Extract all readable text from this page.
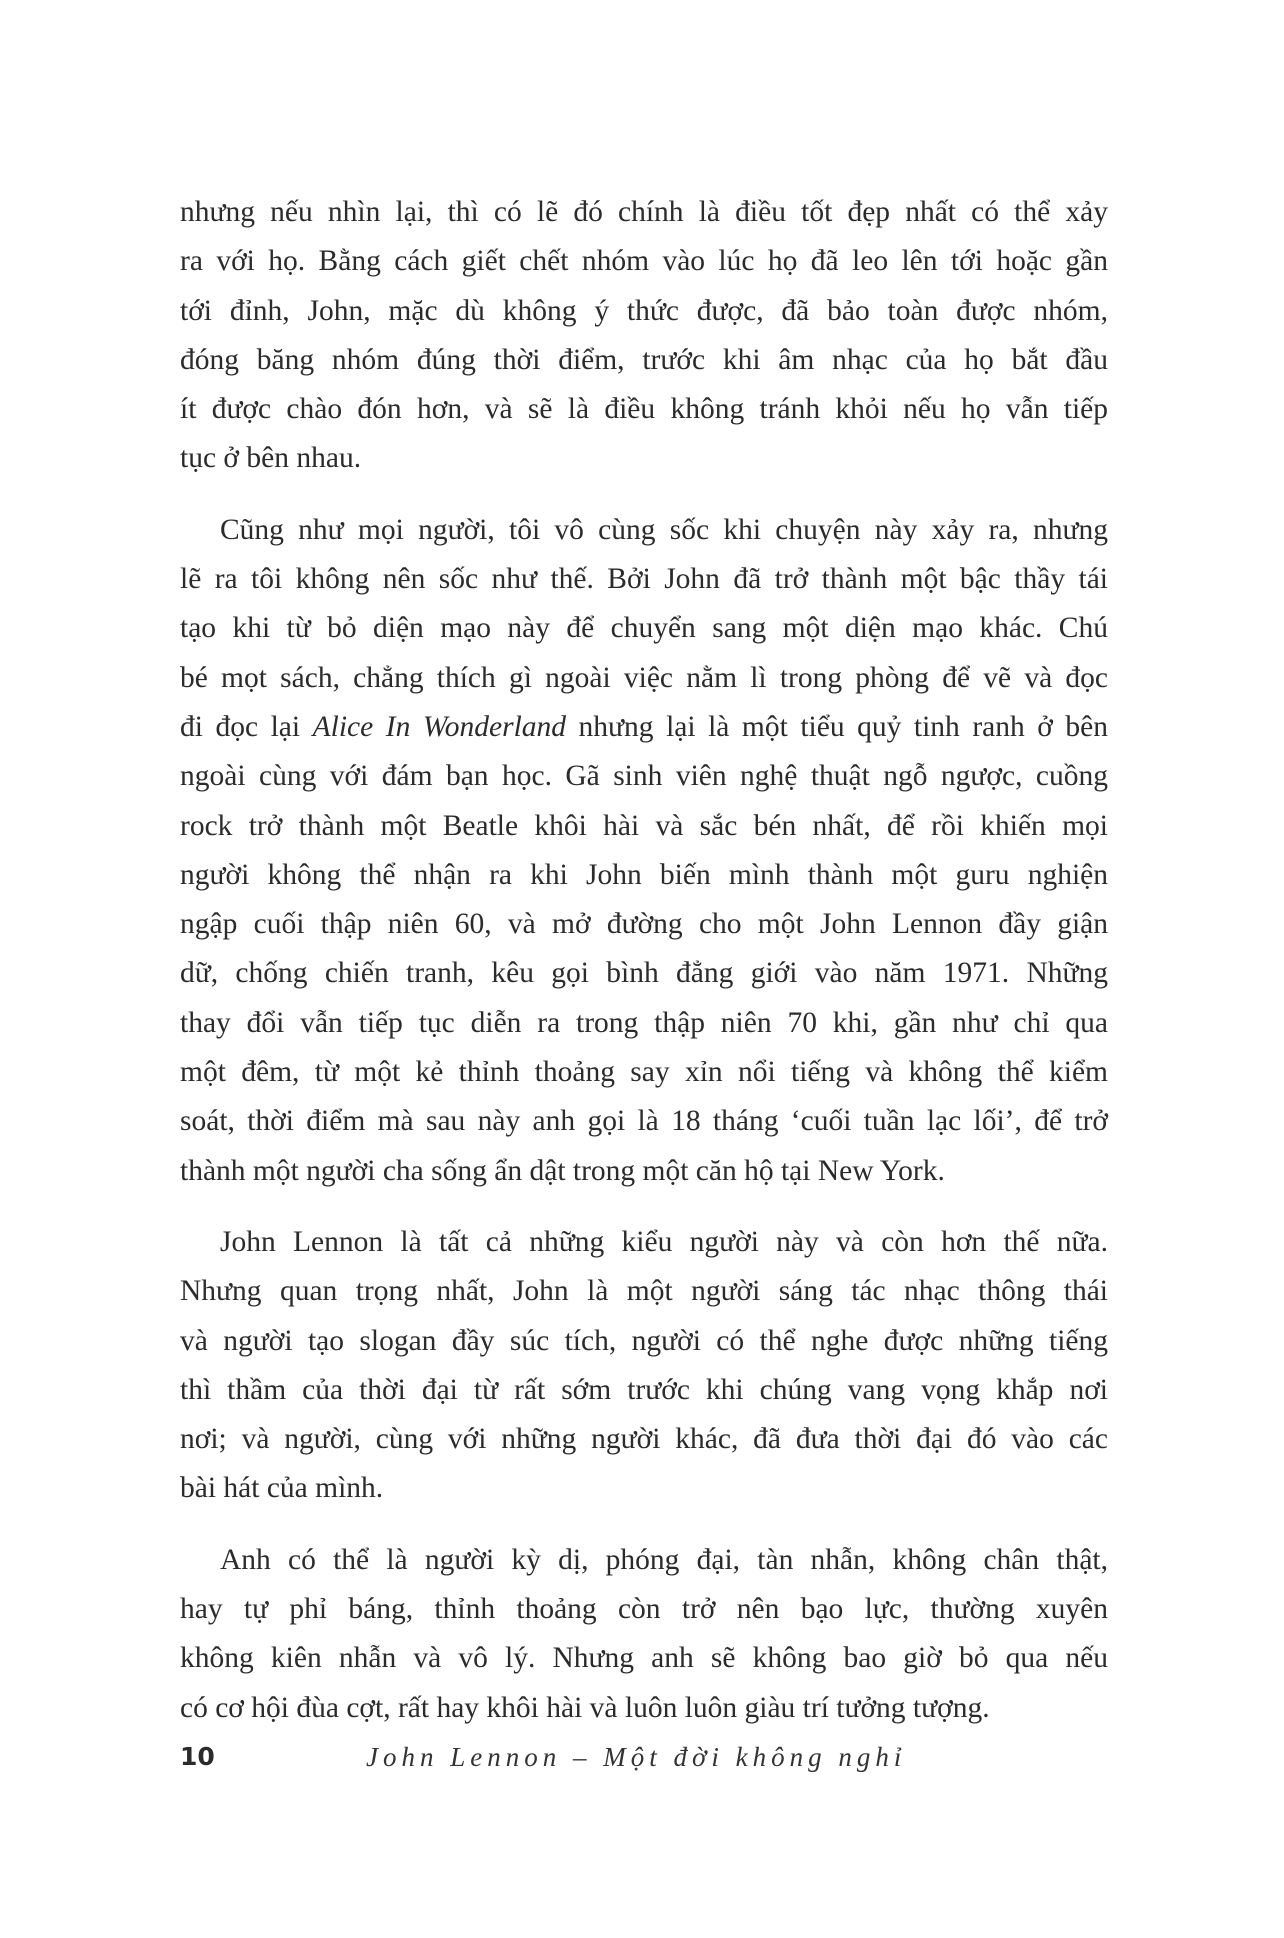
nhưng nếu nhìn lại, thì có lẽ đó chính là điều tốt đẹp nhất có thể xảy
ra với họ. Bằng cách giết chết nhóm vào lúc họ đã leo lên tới hoặc gần
tới đỉnh, John, mặc dù không ý thức được, đã bảo toàn được nhóm,
đóng băng nhóm đúng thời điểm, trước khi âm nhạc của họ bắt đầu
ít được chào đón hơn, và sẽ là điều không tránh khỏi nếu họ vẫn tiếp
tục ở bên nhau.

Cũng như mọi người, tôi vô cùng sốc khi chuyện này xảy ra, nhưng
lẽ ra tôi không nên sốc như thế. Bởi John đã trở thành một bậc thầy tái
tạo khi từ bỏ diện mạo này để chuyển sang một diện mạo khác. Chú
bé mọt sách, chẳng thích gì ngoài việc nằm lì trong phòng để vẽ và đọc
đi đọc lại Alice In Wonderland nhưng lại là một tiểu quỷ tinh ranh ở bên
ngoài cùng với đám bạn học. Gã sinh viên nghệ thuật ngỗ ngược, cuồng
rock trở thành một Beatle khôi hài và sắc bén nhất, để rồi khiến mọi
người không thể nhận ra khi John biến mình thành một guru nghiện
ngập cuối thập niên 60, và mở đường cho một John Lennon đầy giận
dữ, chống chiến tranh, kêu gọi bình đẳng giới vào năm 1971. Những
thay đổi vẫn tiếp tục diễn ra trong thập niên 70 khi, gần như chỉ qua
một đêm, từ một kẻ thỉnh thoảng say xỉn nổi tiếng và không thể kiểm
soát, thời điểm mà sau này anh gọi là 18 tháng ‘cuối tuần lạc lối’, để trở
thành một người cha sống ẩn dật trong một căn hộ tại New York.

John Lennon là tất cả những kiểu người này và còn hơn thế nữa.
Nhưng quan trọng nhất, John là một người sáng tác nhạc thông thái
và người tạo slogan đầy súc tích, người có thể nghe được những tiếng
thì thầm của thời đại từ rất sớm trước khi chúng vang vọng khắp nơi
nơi; và người, cùng với những người khác, đã đưa thời đại đó vào các
bài hát của mình.

Anh có thể là người kỳ dị, phóng đại, tàn nhẫn, không chân thật,
hay tự phỉ báng, thỉnh thoảng còn trở nên bạo lực, thường xuyên
không kiên nhẫn và vô lý. Nhưng anh sẽ không bao giờ bỏ qua nếu
có cơ hội đùa cợt, rất hay khôi hài và luôn luôn giàu trí tưởng tượng.

10	John Lennon – Một đời không nghỉ
